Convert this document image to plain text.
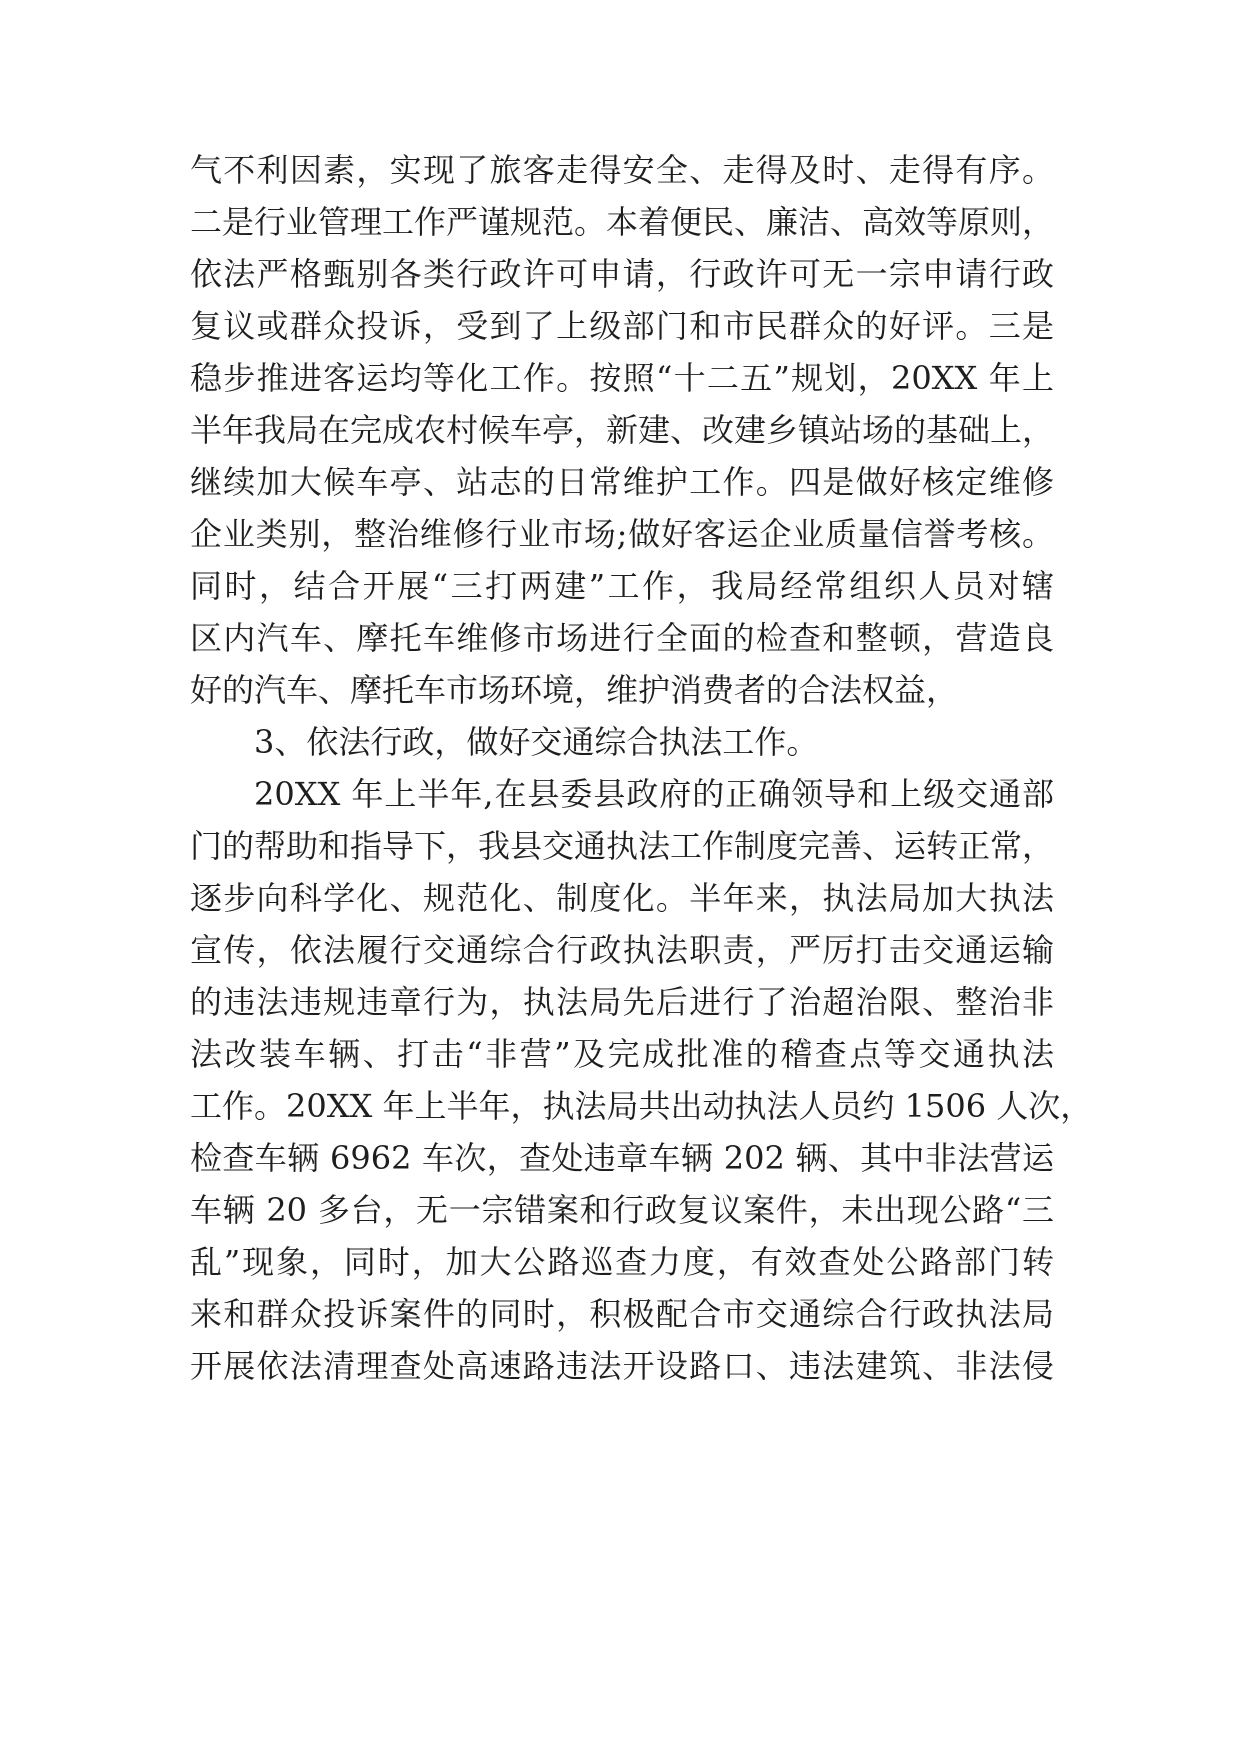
气不利因素，实现了旅客走得安全、走得及时、走得有序。
二是行业管理工作严谨规范。本着便民、廉洁、高效等原则，
依法严格甄别各类行政许可申请，行政许可无一宗申请行政
复议或群众投诉，受到了上级部门和市民群众的好评。三是
稳步推进客运均等化工作。按照“十二五”规划，20XX 年上
半年我局在完成农村候车亭，新建、改建乡镇站场的基础上，
继续加大候车亭、站志的日常维护工作。四是做好核定维修
企业类别，整治维修行业市场;做好客运企业质量信誉考核。
同时，结合开展“三打两建”工作，我局经常组织人员对辖
区内汽车、摩托车维修市场进行全面的检查和整顿，营造良
好的汽车、摩托车市场环境，维护消费者的合法权益，
3、依法行政，做好交通综合执法工作。
20XX 年上半年,在县委县政府的正确领导和上级交通部
门的帮助和指导下，我县交通执法工作制度完善、运转正常，
逐步向科学化、规范化、制度化。半年来，执法局加大执法
宣传，依法履行交通综合行政执法职责，严厉打击交通运输
的违法违规违章行为，执法局先后进行了治超治限、整治非
法改装车辆、打击“非营”及完成批准的稽查点等交通执法
工作。20XX 年上半年，执法局共出动执法人员约 1506 人次，
检查车辆 6962 车次，查处违章车辆 202 辆、其中非法营运
车辆 20 多台，无一宗错案和行政复议案件，未出现公路“三
乱”现象，同时，加大公路巡查力度，有效查处公路部门转
来和群众投诉案件的同时，积极配合市交通综合行政执法局
开展依法清理查处高速路违法开设路口、违法建筑、非法侵
